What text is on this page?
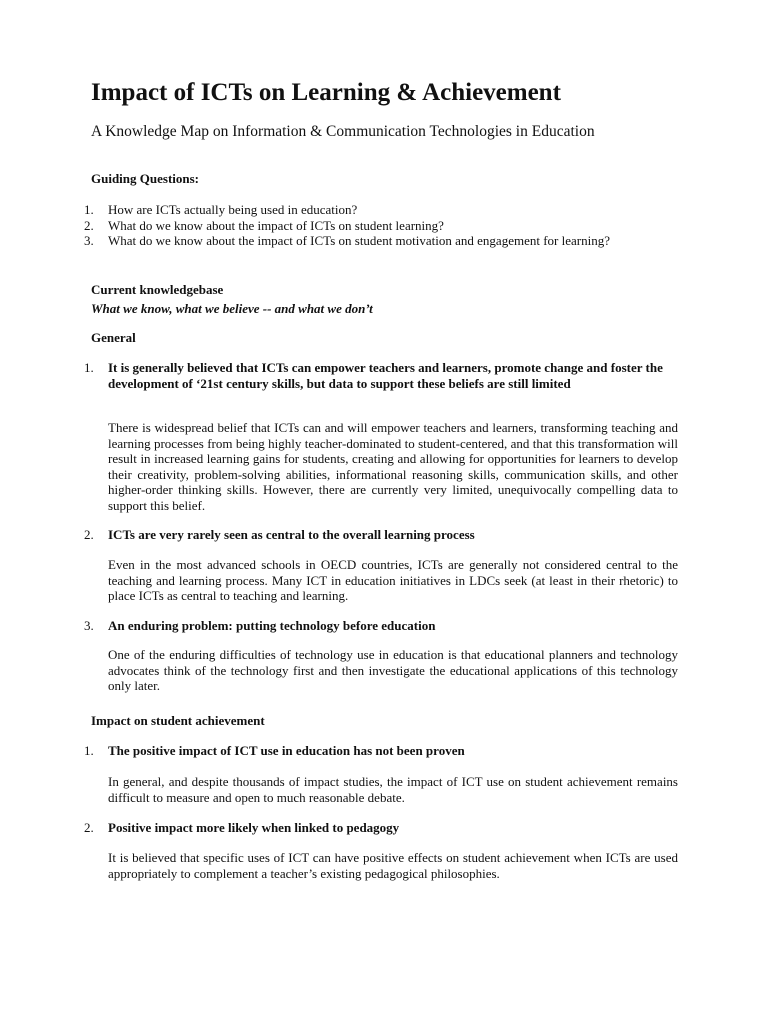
Impact of ICTs on Learning & Achievement
A Knowledge Map on Information & Communication Technologies in Education
Guiding Questions:
1. How are ICTs actually being used in education?
2. What do we know about the impact of ICTs on student learning?
3. What do we know about the impact of ICTs on student motivation and engagement for learning?
Current knowledgebase
What we know, what we believe -- and what we don’t
General
1. It is generally believed that ICTs can empower teachers and learners, promote change and foster the development of ‘21st century skills, but data to support these beliefs are still limited
There is widespread belief that ICTs can and will empower teachers and learners, transforming teaching and learning processes from being highly teacher-dominated to student-centered, and that this transformation will result in increased learning gains for students, creating and allowing for opportunities for learners to develop their creativity, problem-solving abilities, informational reasoning skills, communication skills, and other higher-order thinking skills. However, there are currently very limited, unequivocally compelling data to support this belief.
2. ICTs are very rarely seen as central to the overall learning process
Even in the most advanced schools in OECD countries, ICTs are generally not considered central to the teaching and learning process. Many ICT in education initiatives in LDCs seek (at least in their rhetoric) to place ICTs as central to teaching and learning.
3. An enduring problem: putting technology before education
One of the enduring difficulties of technology use in education is that educational planners and technology advocates think of the technology first and then investigate the educational applications of this technology only later.
Impact on student achievement
1. The positive impact of ICT use in education has not been proven
In general, and despite thousands of impact studies, the impact of ICT use on student achievement remains difficult to measure and open to much reasonable debate.
2. Positive impact more likely when linked to pedagogy
It is believed that specific uses of ICT can have positive effects on student achievement when ICTs are used appropriately to complement a teacher’s existing pedagogical philosophies.
